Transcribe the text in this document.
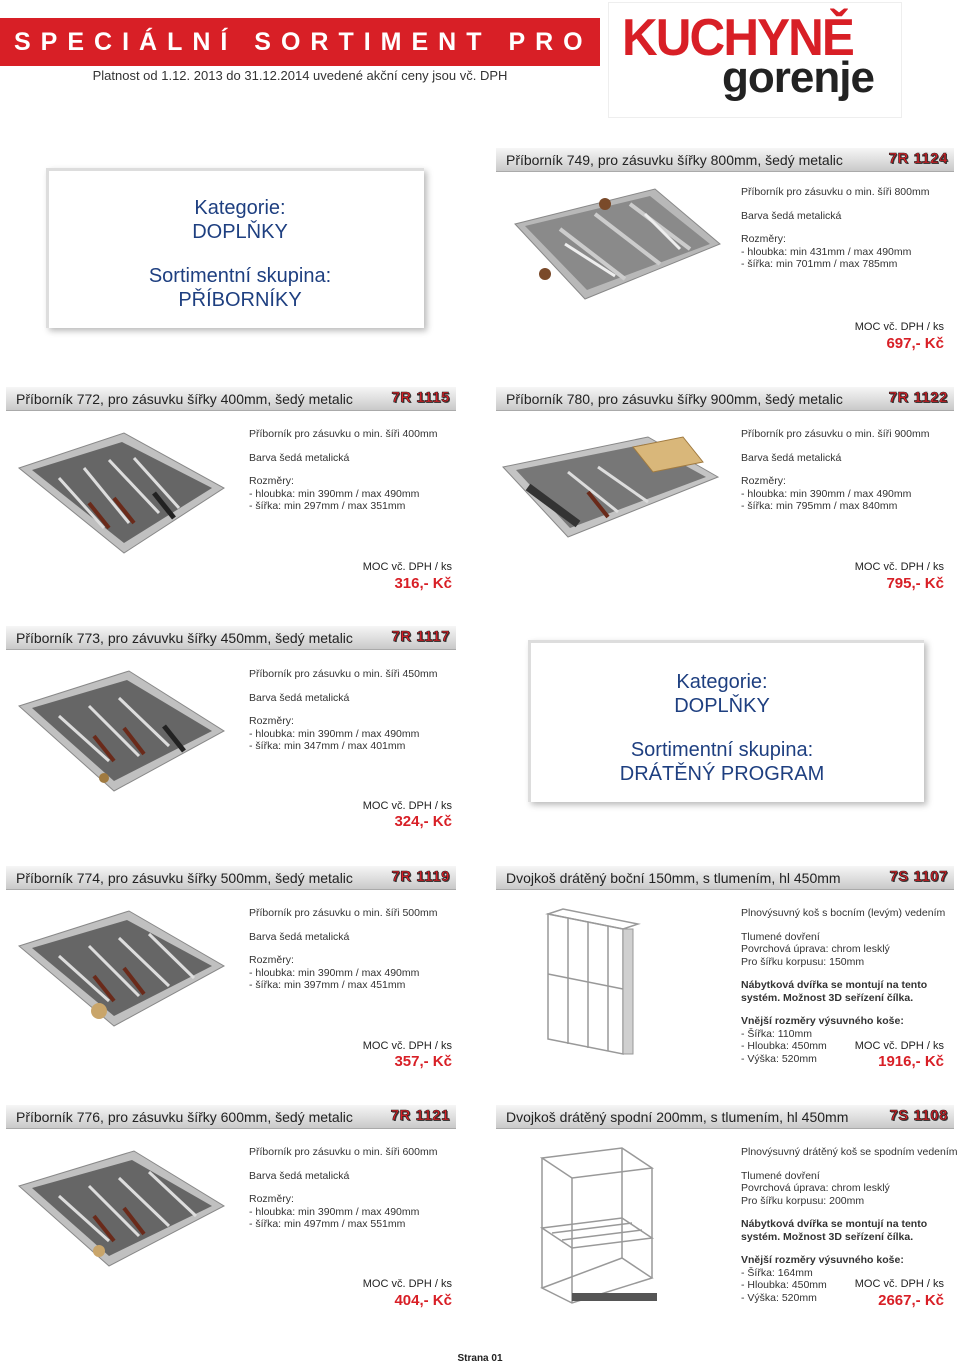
SPECIÁLNÍ SORTIMENT PRO
Platnost od 1.12. 2013 do 31.12.2014 uvedené akční ceny jsou vč. DPH
KUCHYNĚ
gorenje
Kategorie:
DOPLŇKY
Sortimentní skupina:
PŘÍBORNÍKY
Příborník 749, pro zásuvku šířky 800mm, šedý metalic	7R 1124
Příborník pro zásuvku o min. šíři 800mm
Barva šedá metalická
Rozměry:
- hloubka: min 431mm / max 490mm
- šířka: min 701mm / max 785mm
MOC vč. DPH / ks
697,- Kč
Příborník 772, pro zásuvku šířky 400mm, šedý metalic	7R 1115
Příborník pro zásuvku o min. šíři 400mm
Barva šedá metalická
Rozměry:
- hloubka: min 390mm / max 490mm
- šířka: min 297mm / max 351mm
MOC vč. DPH / ks
316,- Kč
Příborník 780, pro zásuvku šířky 900mm, šedý metalic	7R 1122
Příborník pro zásuvku o min. šíři 900mm
Barva šedá metalická
Rozměry:
- hloubka: min 390mm / max 490mm
- šířka: min 795mm / max 840mm
MOC vč. DPH / ks
795,- Kč
Příborník 773, pro závuvku šířky 450mm, šedý metalic	7R 1117
Příborník pro zásuvku o min. šíři 450mm
Barva šedá metalická
Rozměry:
- hloubka: min 390mm / max 490mm
- šířka: min 347mm / max 401mm
MOC vč. DPH / ks
324,- Kč
Kategorie:
DOPLŇKY
Sortimentní skupina:
DRÁTĚNÝ PROGRAM
Příborník 774, pro zásuvku šířky 500mm, šedý metalic	7R 1119
Příborník pro zásuvku o min. šíři 500mm
Barva šedá metalická
Rozměry:
- hloubka: min 390mm / max 490mm
- šířka: min 397mm / max 451mm
MOC vč. DPH / ks
357,- Kč
Dvojkoš drátěný boční 150mm, s tlumením, hl 450mm	7S 1107
Plnovýsuvný koš s bocním (levým) vedením
Tlumené dovření
Povrchová úprava: chrom lesklý
Pro šířku korpusu: 150mm
Nábytková dvířka se montují na tento
systém. Možnost 3D seřízení čílka.
Vnější rozměry výsuvného koše:
- Šířka: 110mm
- Hloubka: 450mm
- Výška: 520mm
MOC vč. DPH / ks
1916,- Kč
Příborník 776, pro zásuvku šířky 600mm, šedý metalic	7R 1121
Příborník pro zásuvku o min. šíři 600mm
Barva šedá metalická
Rozměry:
- hloubka: min 390mm / max 490mm
- šířka: min 497mm / max 551mm
MOC vč. DPH / ks
404,- Kč
Dvojkoš drátěný spodní 200mm, s tlumením, hl 450mm	7S 1108
Plnovýsuvný drátěný koš se spodním vedením
Tlumené dovření
Povrchová úprava: chrom lesklý
Pro šířku korpusu: 200mm
Nábytková dvířka se montují na tento
systém. Možnost 3D seřízení čílka.
Vnější rozměry výsuvného koše:
- Šířka: 164mm
- Hloubka: 450mm
- Výška: 520mm
MOC vč. DPH / ks
2667,- Kč
Strana 01
